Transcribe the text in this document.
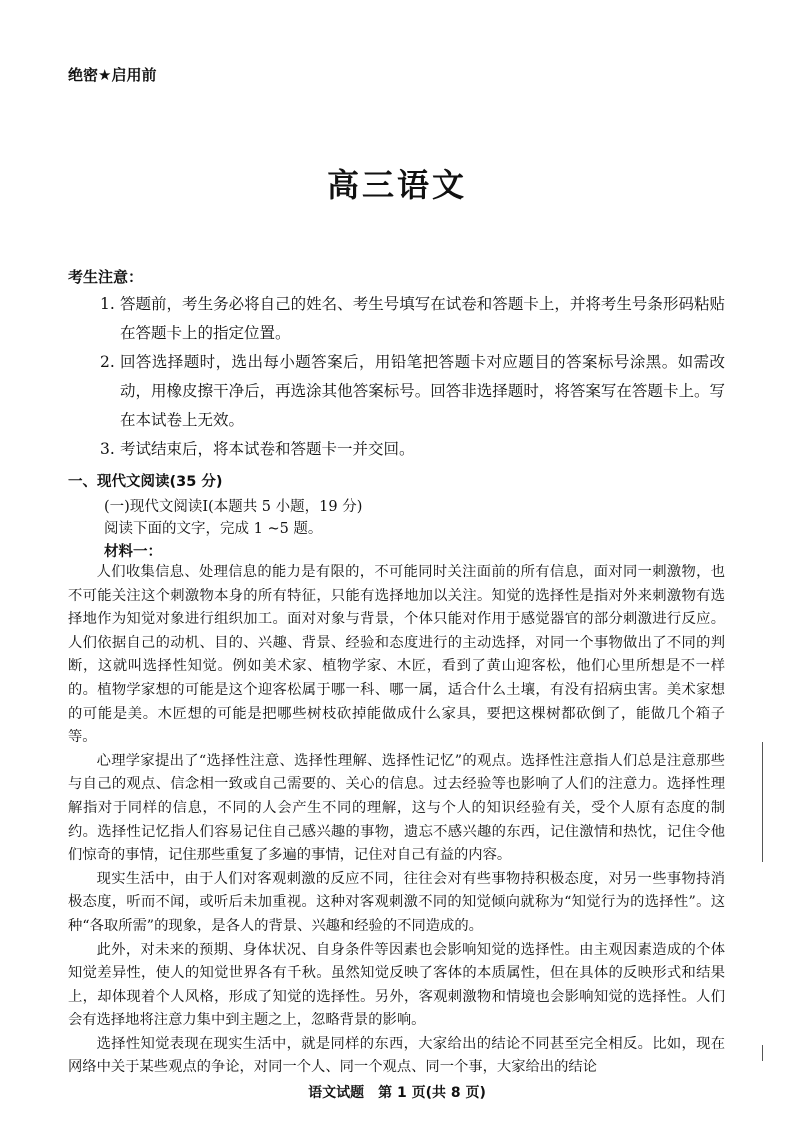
绝密★启用前
高三语文
考生注意：
1. 答题前，考生务必将自己的姓名、考生号填写在试卷和答题卡上，并将考生号条形码粘贴在答题卡上的指定位置。
2. 回答选择题时，选出每小题答案后，用铅笔把答题卡对应题目的答案标号涂黑。如需改动，用橡皮擦干净后，再选涂其他答案标号。回答非选择题时，将答案写在答题卡上。写在本试卷上无效。
3. 考试结束后，将本试卷和答题卡一并交回。
一、现代文阅读(35 分)
(一)现代文阅读Ⅰ(本题共 5 小题，19 分)
阅读下面的文字，完成 1 ~5 题。
材料一：

人们收集信息、处理信息的能力是有限的，不可能同时关注面前的所有信息，面对同一刺激物，也不可能关注这个刺激物本身的所有特征，只能有选择地加以关注。知觉的选择性是指对外来刺激物有选择地作为知觉对象进行组织加工。面对对象与背景，个体只能对作用于感觉器官的部分刺激进行反应。人们依据自己的动机、目的、兴趣、背景、经验和态度进行的主动选择，对同一个事物做出了不同的判断，这就叫选择性知觉。例如美术家、植物学家、木匠，看到了黄山迎客松，他们心里所想是不一样的。植物学家想的可能是这个迎客松属于哪一科、哪一属，适合什么土壤，有没有招病虫害。美术家想的可能是美。木匠想的可能是把哪些树枝砍掉能做成什么家具，要把这棵树都砍倒了，能做几个箱子等。

心理学家提出了“选择性注意、选择性理解、选择性记忆”的观点。选择性注意指人们总是注意那些与自己的观点、信念相一致或自己需要的、关心的信息。过去经验等也影响了人们的注意力。选择性理解指对于同样的信息，不同的人会产生不同的理解，这与个人的知识经验有关，受个人原有态度的制约。选择性记忆指人们容易记住自己感兴趣的事物，遗忘不感兴趣的东西，记住激情和热忱，记住令他们惊奇的事情，记住那些重复了多遍的事情，记住对自己有益的内容。

现实生活中，由于人们对客观刺激的反应不同，往往会对有些事物持积极态度，对另一些事物持消极态度，听而不闻，或听后未加重视。这种对客观刺激不同的知觉倾向就称为“知觉行为的选择性”。这种“各取所需”的现象，是各人的背景、兴趣和经验的不同造成的。

此外，对未来的预期、身体状况、自身条件等因素也会影响知觉的选择性。由主观因素造成的个体知觉差异性，使人的知觉世界各有千秋。虽然知觉反映了客体的本质属性，但在具体的反映形式和结果上，却体现着个人风格，形成了知觉的选择性。另外，客观刺激物和情境也会影响知觉的选择性。人们会有选择地将注意力集中到主题之上，忽略背景的影响。

选择性知觉表现在现实生活中，就是同样的东西，大家给出的结论不同甚至完全相反。比如，现在网络中关于某些观点的争论，对同一个人、同一个观点、同一个事，大家给出的结论

语文试题　第 1 页(共 8 页)
